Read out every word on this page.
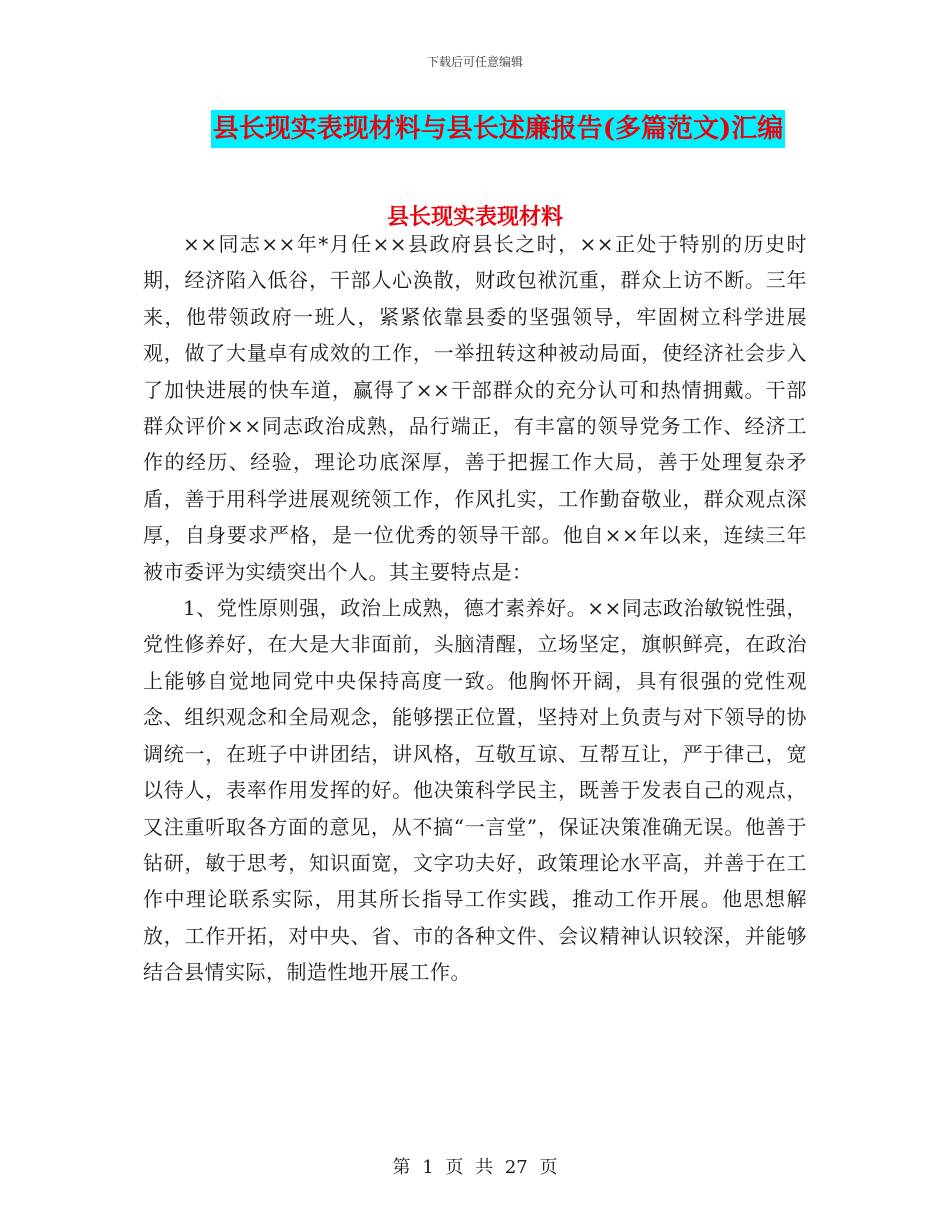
下载后可任意编辑
县长现实表现材料与县长述廉报告(多篇范文)汇编
县长现实表现材料

××同志××年*月任××县政府县长之时，××正处于特别的历史时期，经济陷入低谷，干部人心涣散，财政包袱沉重，群众上访不断。三年来，他带领政府一班人，紧紧依靠县委的坚强领导，牢固树立科学进展观，做了大量卓有成效的工作，一举扭转这种被动局面，使经济社会步入了加快进展的快车道，赢得了××干部群众的充分认可和热情拥戴。干部群众评价××同志政治成熟，品行端正，有丰富的领导党务工作、经济工作的经历、经验，理论功底深厚，善于把握工作大局，善于处理复杂矛盾，善于用科学进展观统领工作，作风扎实，工作勤奋敬业，群众观点深厚，自身要求严格，是一位优秀的领导干部。他自××年以来，连续三年被市委评为实绩突出个人。其主要特点是：

1、党性原则强，政治上成熟，德才素养好。××同志政治敏锐性强，党性修养好，在大是大非面前，头脑清醒，立场坚定，旗帜鲜亮，在政治上能够自觉地同党中央保持高度一致。他胸怀开阔，具有很强的党性观念、组织观念和全局观念，能够摆正位置，坚持对上负责与对下领导的协调统一，在班子中讲团结，讲风格，互敬互谅、互帮互让，严于律己，宽以待人，表率作用发挥的好。他决策科学民主，既善于发表自己的观点，又注重听取各方面的意见，从不搞“一言堂”，保证决策准确无误。他善于钻研，敏于思考，知识面宽，文字功夫好，政策理论水平高，并善于在工作中理论联系实际，用其所长指导工作实践，推动工作开展。他思想解放，工作开拓，对中央、省、市的各种文件、会议精神认识较深，并能够结合县情实际，制造性地开展工作。

第 1 页 共 27 页
